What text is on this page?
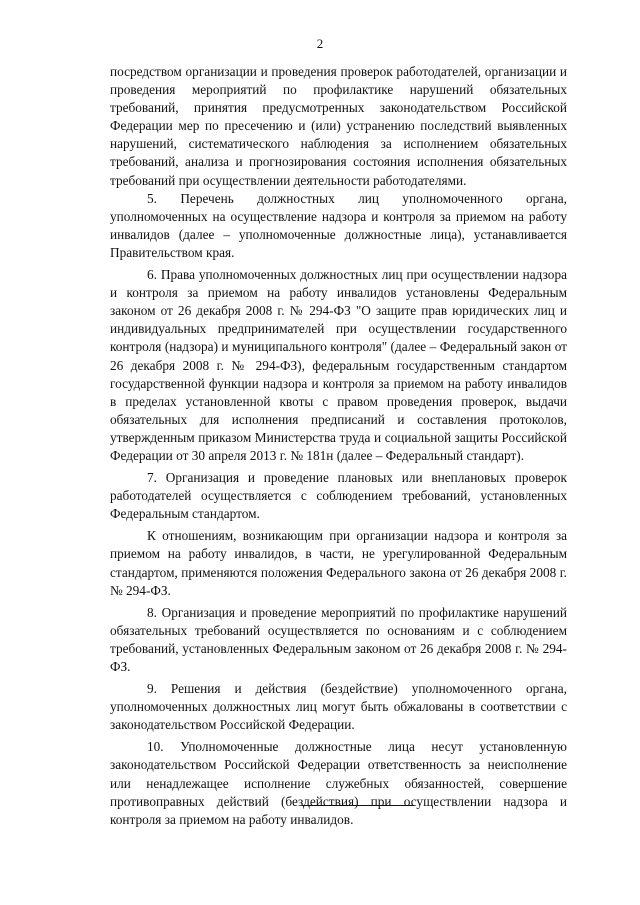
2

посредством организации и проведения проверок работодателей, организации и проведения мероприятий по профилактике нарушений обязательных требований, принятия предусмотренных законодательством Российской Федерации мер по пресечению и (или) устранению последствий выявленных нарушений, систематического наблюдения за исполнением обязательных требований, анализа и прогнозирования состояния исполнения обязательных требований при осуществлении деятельности работодателями.

5. Перечень должностных лиц уполномоченного органа, уполномоченных на осуществление надзора и контроля за приемом на работу инвалидов (далее – уполномоченные должностные лица), устанавливается Правительством края.

6. Права уполномоченных должностных лиц при осуществлении надзора и контроля за приемом на работу инвалидов установлены Федеральным законом от 26 декабря 2008 г. № 294-ФЗ "О защите прав юридических лиц и индивидуальных предпринимателей при осуществлении государственного контроля (надзора) и муниципального контроля" (далее – Федеральный закон от 26 декабря 2008 г. № 294-ФЗ), федеральным государственным стандартом государственной функции надзора и контроля за приемом на работу инвалидов в пределах установленной квоты с правом проведения проверок, выдачи обязательных для исполнения предписаний и составления протоколов, утвержденным приказом Министерства труда и социальной защиты Российской Федерации от 30 апреля 2013 г. № 181н (далее – Федеральный стандарт).

7. Организация и проведение плановых или внеплановых проверок работодателей осуществляется с соблюдением требований, установленных Федеральным стандартом.

К отношениям, возникающим при организации надзора и контроля за приемом на работу инвалидов, в части, не урегулированной Федеральным стандартом, применяются положения Федерального закона от 26 декабря 2008 г. № 294-ФЗ.

8. Организация и проведение мероприятий по профилактике нарушений обязательных требований осуществляется по основаниям и с соблюдением требований, установленных Федеральным законом от 26 декабря 2008 г. № 294-ФЗ.

9. Решения и действия (бездействие) уполномоченного органа, уполномоченных должностных лиц могут быть обжалованы в соответствии с законодательством Российской Федерации.

10. Уполномоченные должностные лица несут установленную законодательством Российской Федерации ответственность за неисполнение или ненадлежащее исполнение служебных обязанностей, совершение противоправных действий (бездействия) при осуществлении надзора и контроля за приемом на работу инвалидов.
